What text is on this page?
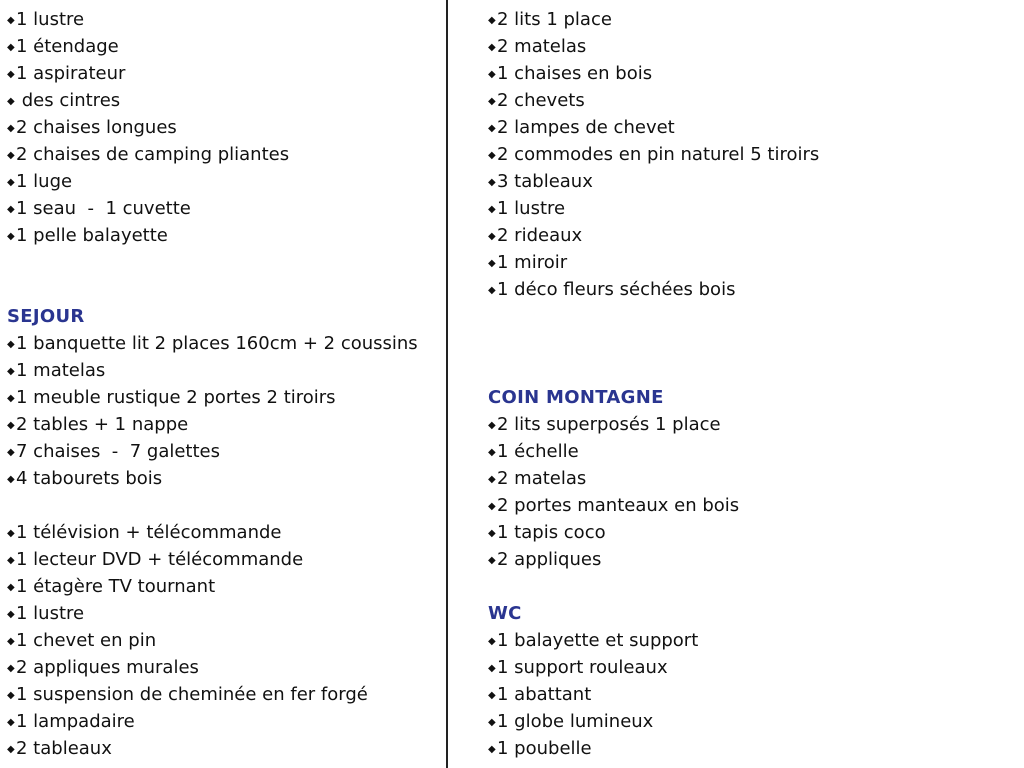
◆1 lustre
◆1 étendage
◆1 aspirateur
◆ des cintres
◆2 chaises longues
◆2 chaises de camping pliantes
◆1 luge
◆1 seau  -  1 cuvette
◆1 pelle balayette
SEJOUR
◆1 banquette lit 2 places 160cm + 2 coussins
◆1 matelas
◆1 meuble rustique 2 portes 2 tiroirs
◆2 tables + 1 nappe
◆7 chaises  -  7 galettes
◆4 tabourets bois
◆1 télévision + télécommande
◆1 lecteur DVD + télécommande
◆1 étagère TV tournant
◆1 lustre
◆1 chevet en pin
◆2 appliques murales
◆1 suspension de cheminée en fer forgé
◆1 lampadaire
◆2 tableaux
◆2 lits 1 place
◆2 matelas
◆1 chaises en bois
◆2 chevets
◆2 lampes de chevet
◆2 commodes en pin naturel 5 tiroirs
◆3 tableaux
◆1 lustre
◆2 rideaux
◆1 miroir
◆1 déco fleurs séchées bois
COIN MONTAGNE
◆2 lits superposés 1 place
◆1 échelle
◆2 matelas
◆2 portes manteaux en bois
◆1 tapis coco
◆2 appliques
WC
◆1 balayette et support
◆1 support rouleaux
◆1 abattant
◆1 globe lumineux
◆1 poubelle
